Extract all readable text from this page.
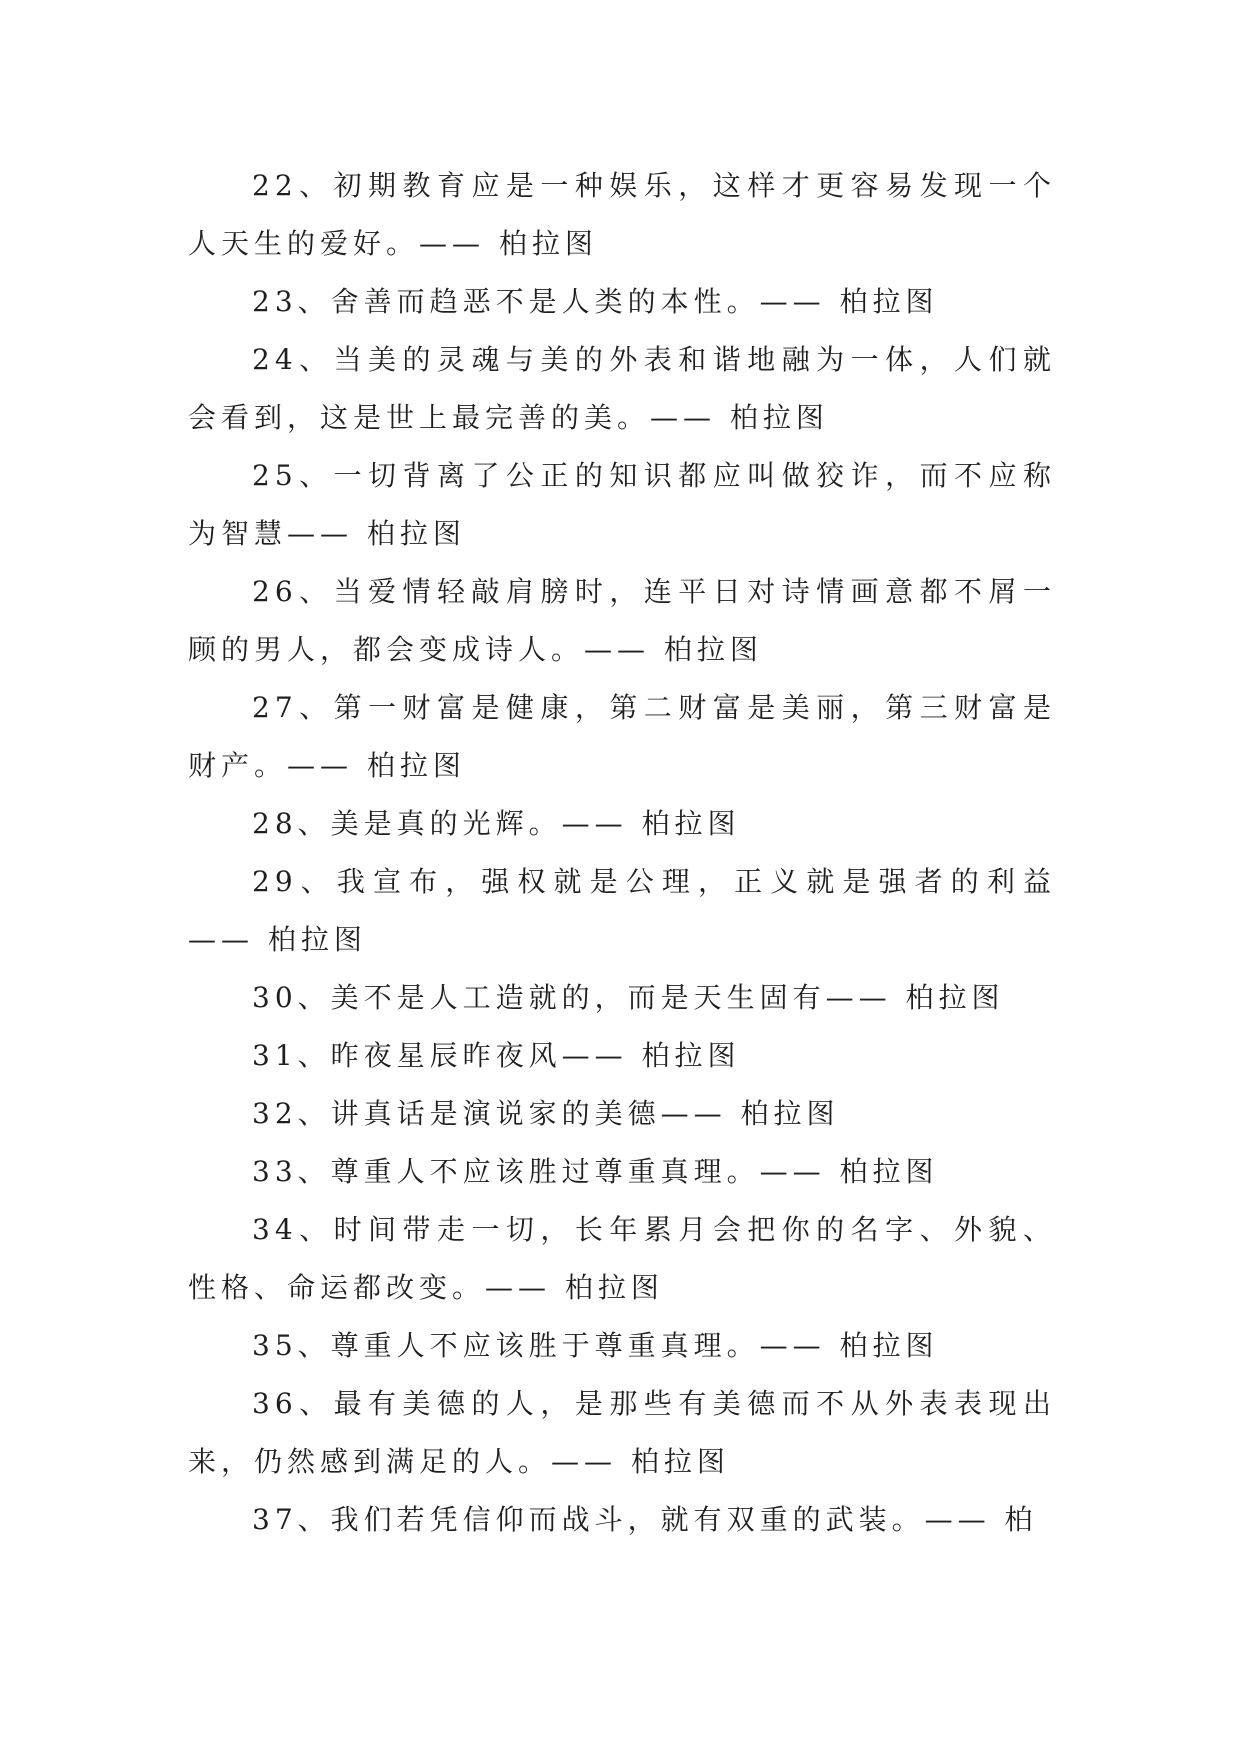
22、初期教育应是一种娱乐，这样才更容易发现一个人天生的爱好。—— 柏拉图

23、舍善而趋恶不是人类的本性。—— 柏拉图

24、当美的灵魂与美的外表和谐地融为一体，人们就会看到，这是世上最完善的美。—— 柏拉图

25、一切背离了公正的知识都应叫做狡诈，而不应称为智慧—— 柏拉图

26、当爱情轻敲肩膀时，连平日对诗情画意都不屑一顾的男人，都会变成诗人。—— 柏拉图

27、第一财富是健康，第二财富是美丽，第三财富是财产。—— 柏拉图

28、美是真的光辉。—— 柏拉图

29、我宣布，强权就是公理，正义就是强者的利益—— 柏拉图

30、美不是人工造就的，而是天生固有—— 柏拉图

31、昨夜星辰昨夜风—— 柏拉图

32、讲真话是演说家的美德—— 柏拉图

33、尊重人不应该胜过尊重真理。—— 柏拉图

34、时间带走一切，长年累月会把你的名字、外貌、性格、命运都改变。—— 柏拉图

35、尊重人不应该胜于尊重真理。—— 柏拉图

36、最有美德的人，是那些有美德而不从外表表现出来，仍然感到满足的人。—— 柏拉图

37、我们若凭信仰而战斗，就有双重的武装。—— 柏
